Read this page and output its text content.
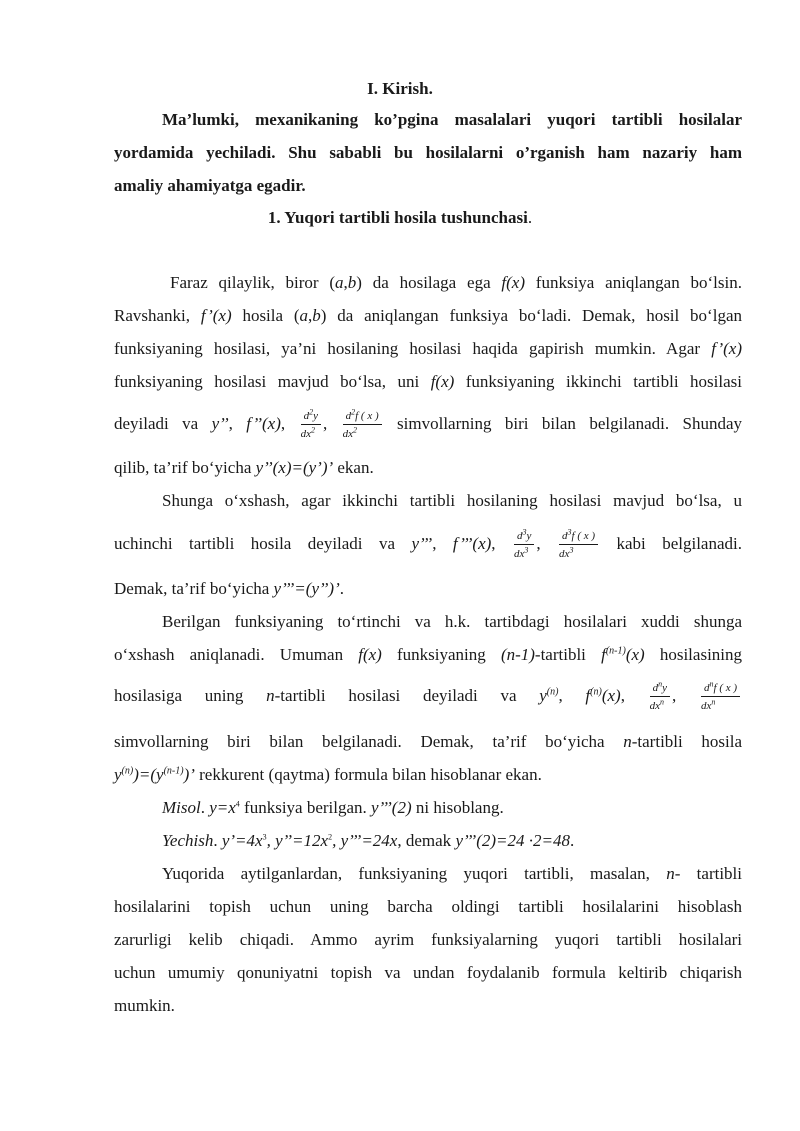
I. Kirish.
Ma’lumki, mexanikaning ko’pgina masalalari yuqori tartibli hosilalar
yordamida yechiladi. Shu sababli bu hosilalarni o’rganish ham nazariy ham
amaliy ahamiyatga egadir.
1. Yuqori tartibli hosila tushunchasi.
Faraz qilaylik, biror (a,b) da hosilaga ega f(x) funksiya aniqlangan bo‘lsin.
Ravshanki, f’(x) hosila (a,b) da aniqlangan funksiya bo‘ladi. Demak, hosil bo‘lgan
funksiyaning hosilasi, ya’ni hosilaning hosilasi haqida gapirish mumkin. Agar f’(x)
funksiyaning hosilasi mavjud bo‘lsa, uni f(x) funksiyaning ikkinchi tartibli hosilasi
deyiladi va y’’, f’’(x), $\frac{d^2y}{dx^2}$ , $\frac{d^2f ( x )}{dx^2}$ simvollarning biri bilan belgilanadi. Shunday
qilib, ta’rif bo‘yicha y’’(x)=(y’)’ ekan.
Shunga o‘xshash, agar ikkinchi tartibli hosilaning hosilasi mavjud bo‘lsa, u
uchinchi tartibli hosila deyiladi va y’’’, f’’’(x), $\frac{d^3y}{dx^3}$ , $\frac{d^3f ( x )}{dx^3}$ kabi belgilanadi.
Demak, ta’rif bo‘yicha y’’’=(y’’)’.
Berilgan funksiyaning to‘rtinchi va h.k. tartibdagi hosilalari xuddi shunga
o‘xshash aniqlanadi. Umuman f(x) funksiyaning (n-1)-tartibli $f^{(n-1)}(x)$ hosilasining
hosilasiga uning n-tartibli hosilasi deyiladi va $y^{(n)}$, $f^{(n)}(x)$, $\frac{d^ny}{dx^n}$ , $\frac{d^nf ( x )}{dx^n}$
simvollarning biri bilan belgilanadi. Demak, ta’rif bo‘yicha n-tartibli hosila
$y^{(n)})=(y^{(n-1)})$’ rekkurent (qaytma) formula bilan hisoblanar ekan.
Misol. $y=x^4$ funksiya berilgan. y’’’(2) ni hisoblang.
Yechish. $y’=4x^3$, $y’’=12x^2$, y’’’=24x, demak y’’’(2)=24 ·2=48.
Yuqorida aytilganlardan, funksiyaning yuqori tartibli, masalan, n- tartibli
hosilalarini topish uchun uning barcha oldingi tartibli hosilalarini hisoblash
zarurligi kelib chiqadi. Ammo ayrim funksiyalarning yuqori tartibli hosilalari
uchun umumiy qonuniyatni topish va undan foydalanib formula keltirib chiqarish
mumkin.
